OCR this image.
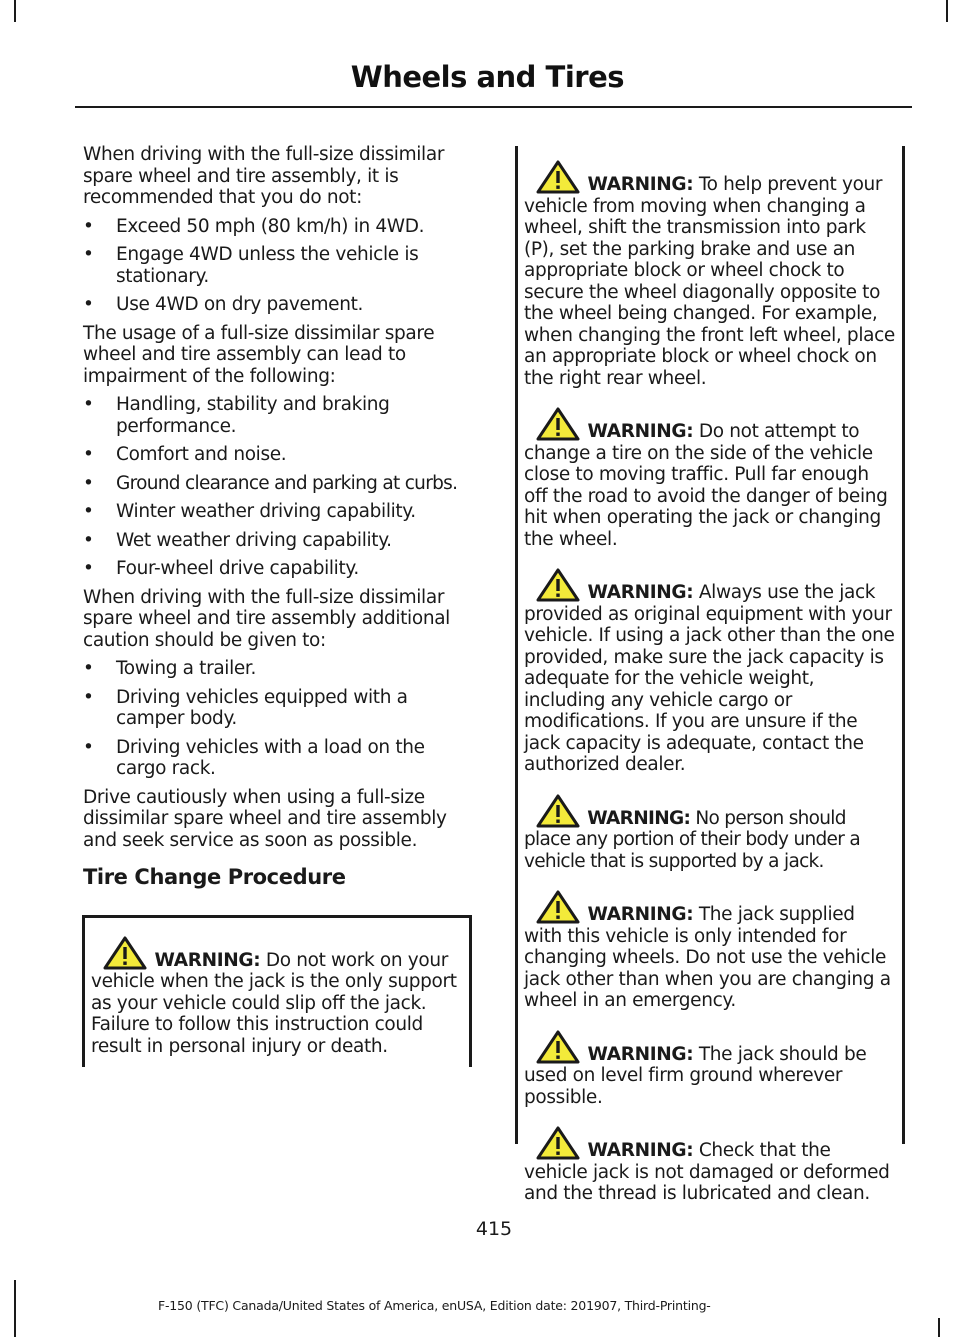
Wheels and Tires

When driving with the full-size dissimilar spare wheel and tire assembly, it is recommended that you do not:

• Exceed 50 mph (80 km/h) in 4WD.
• Engage 4WD unless the vehicle is stationary.
• Use 4WD on dry pavement.

The usage of a full-size dissimilar spare wheel and tire assembly can lead to impairment of the following:

• Handling, stability and braking performance.
• Comfort and noise.
• Ground clearance and parking at curbs.
• Winter weather driving capability.
• Wet weather driving capability.
• Four-wheel drive capability.

When driving with the full-size dissimilar spare wheel and tire assembly additional caution should be given to:

• Towing a trailer.
• Driving vehicles equipped with a camper body.
• Driving vehicles with a load on the cargo rack.

Drive cautiously when using a full-size dissimilar spare wheel and tire assembly and seek service as soon as possible.

Tire Change Procedure
WARNING: Do not work on your vehicle when the jack is the only support as your vehicle could slip off the jack. Failure to follow this instruction could result in personal injury or death.
WARNING: To help prevent your vehicle from moving when changing a wheel, shift the transmission into park (P), set the parking brake and use an appropriate block or wheel chock to secure the wheel diagonally opposite to the wheel being changed. For example, when changing the front left wheel, place an appropriate block or wheel chock on the right rear wheel.
WARNING: Do not attempt to change a tire on the side of the vehicle close to moving traffic. Pull far enough off the road to avoid the danger of being hit when operating the jack or changing the wheel.
WARNING: Always use the jack provided as original equipment with your vehicle. If using a jack other than the one provided, make sure the jack capacity is adequate for the vehicle weight, including any vehicle cargo or modifications. If you are unsure if the jack capacity is adequate, contact the authorized dealer.
WARNING: No person should place any portion of their body under a vehicle that is supported by a jack.
WARNING: The jack supplied with this vehicle is only intended for changing wheels. Do not use the vehicle jack other than when you are changing a wheel in an emergency.
WARNING: The jack should be used on level firm ground wherever possible.
WARNING: Check that the vehicle jack is not damaged or deformed and the thread is lubricated and clean.

415

F-150 (TFC) Canada/United States of America, enUSA, Edition date: 201907, Third-Printing-
